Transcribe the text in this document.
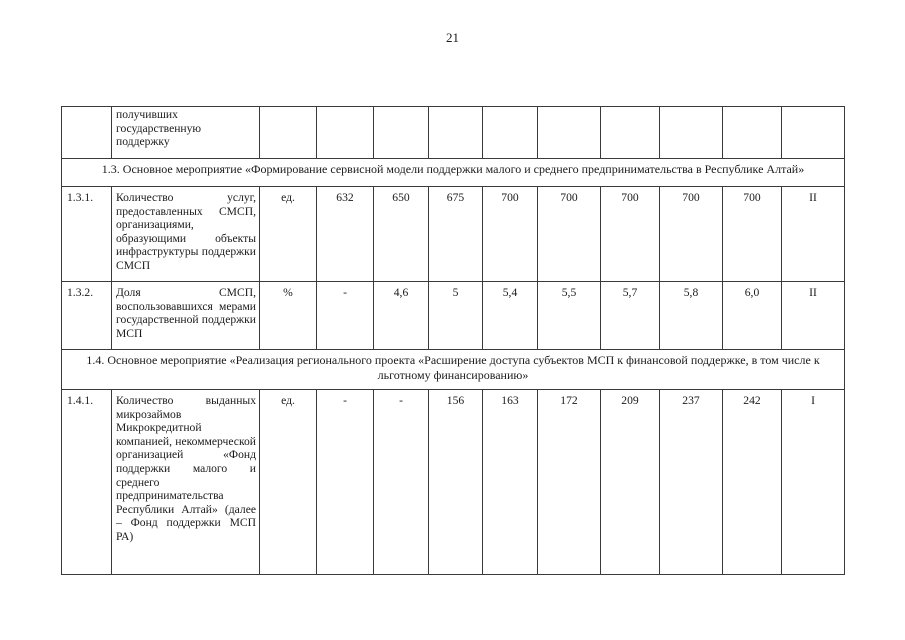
21
	получивших государственную поддержку										
1.3. Основное мероприятие «Формирование сервисной модели поддержки малого и среднего предпринимательства в Республике Алтай»											
1.3.1.	Количество услуг, предоставленных СМСП, организациями, образующими объекты инфраструктуры поддержки СМСП	ед.	632	650	675	700	700	700	700	700	II
1.3.2.	Доля СМСП, воспользовавшихся мерами государственной поддержки МСП	%	-	4,6	5	5,4	5,5	5,7	5,8	6,0	II
1.4. Основное мероприятие «Реализация регионального проекта «Расширение доступа субъектов МСП к финансовой поддержке, в том числе к льготному финансированию»											
1.4.1.	Количество выданных микрозаймов Микрокредитной компанией, некоммерческой организацией «Фонд поддержки малого и среднего предпринимательства Республики Алтай» (далее – Фонд поддержки МСП РА)	ед.	-	-	156	163	172	209	237	242	I
